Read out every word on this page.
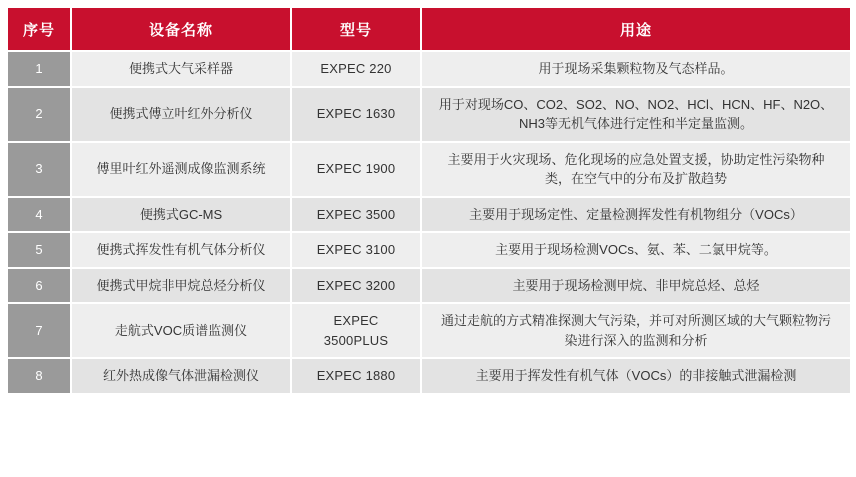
序号	设备名称	型号	用途
1	便携式大气采样器	EXPEC 220	用于现场采集颗粒物及气态样品。
2	便携式傅立叶红外分析仪	EXPEC 1630	用于对现场CO、CO2、SO2、NO、NO2、HCl、HCN、HF、N2O、NH3等无机气体进行定性和半定量监测。
3	傅里叶红外遥测成像监测系统	EXPEC 1900	主要用于火灾现场、危化现场的应急处置支援，协助定性污染物种类，在空气中的分布及扩散趋势
4	便携式GC-MS	EXPEC 3500	主要用于现场定性、定量检测挥发性有机物组分（VOCs）
5	便携式挥发性有机气体分析仪	EXPEC 3100	主要用于现场检测VOCs、氨、苯、二氯甲烷等。
6	便携式甲烷非甲烷总烃分析仪	EXPEC 3200	主要用于现场检测甲烷、非甲烷总烃、总烃
7	走航式VOC质谱监测仪	EXPEC 3500PLUS	通过走航的方式精准探测大气污染，并可对所测区域的大气颗粒物污染进行深入的监测和分析
8	红外热成像气体泄漏检测仪	EXPEC 1880	主要用于挥发性有机气体（VOCs）的非接触式泄漏检测
